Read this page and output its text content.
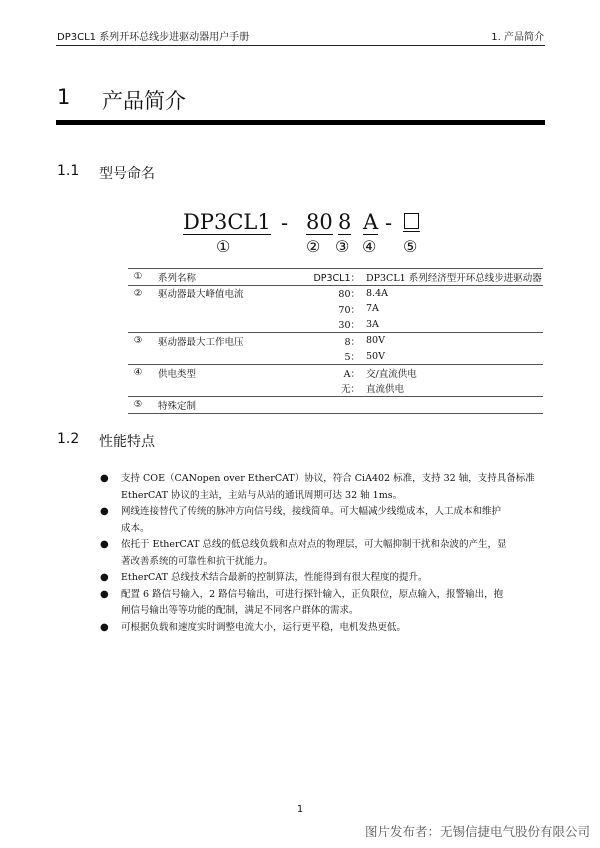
DP3CL1 系列开环总线步进驱动器用户手册	1. 产品简介
1 产品简介
1.1 型号命名
DP3CL1 - 80 8 A -
①	② ③ ④ ⑤
①	系列名称	DP3CL1：	DP3CL1 系列经济型开环总线步进驱动器
②	驱动器最大峰值电流	80：	8.4A
		70：	7A
		30：	3A
③	驱动器最大工作电压	8：	80V
		5：	50V
④	供电类型	A：	交/直流供电
		无：	直流供电
⑤	特殊定制		
1.2 性能特点
● 支持 COE（CANopen over EtherCAT）协议，符合 CiA402 标准，支持 32 轴，支持具备标准
EtherCAT 协议的主站，主站与从站的通讯周期可达 32 轴 1ms。
● 网线连接替代了传统的脉冲方向信号线，接线简单。可大幅减少线缆成本，人工成本和维护
成本。
● 依托于 EtherCAT 总线的低总线负载和点对点的物理层，可大幅抑制干扰和杂波的产生，显
著改善系统的可靠性和抗干扰能力。
● EtherCAT 总线技术结合最新的控制算法，性能得到有很大程度的提升。
● 配置 6 路信号输入，2 路信号输出，可进行探针输入，正负限位，原点输入，报警输出，抱
闸信号输出等等功能的配制，满足不同客户群体的需求。
● 可根据负载和速度实时调整电流大小，运行更平稳，电机发热更低。
1
图片发布者：无锡信捷电气股份有限公司
